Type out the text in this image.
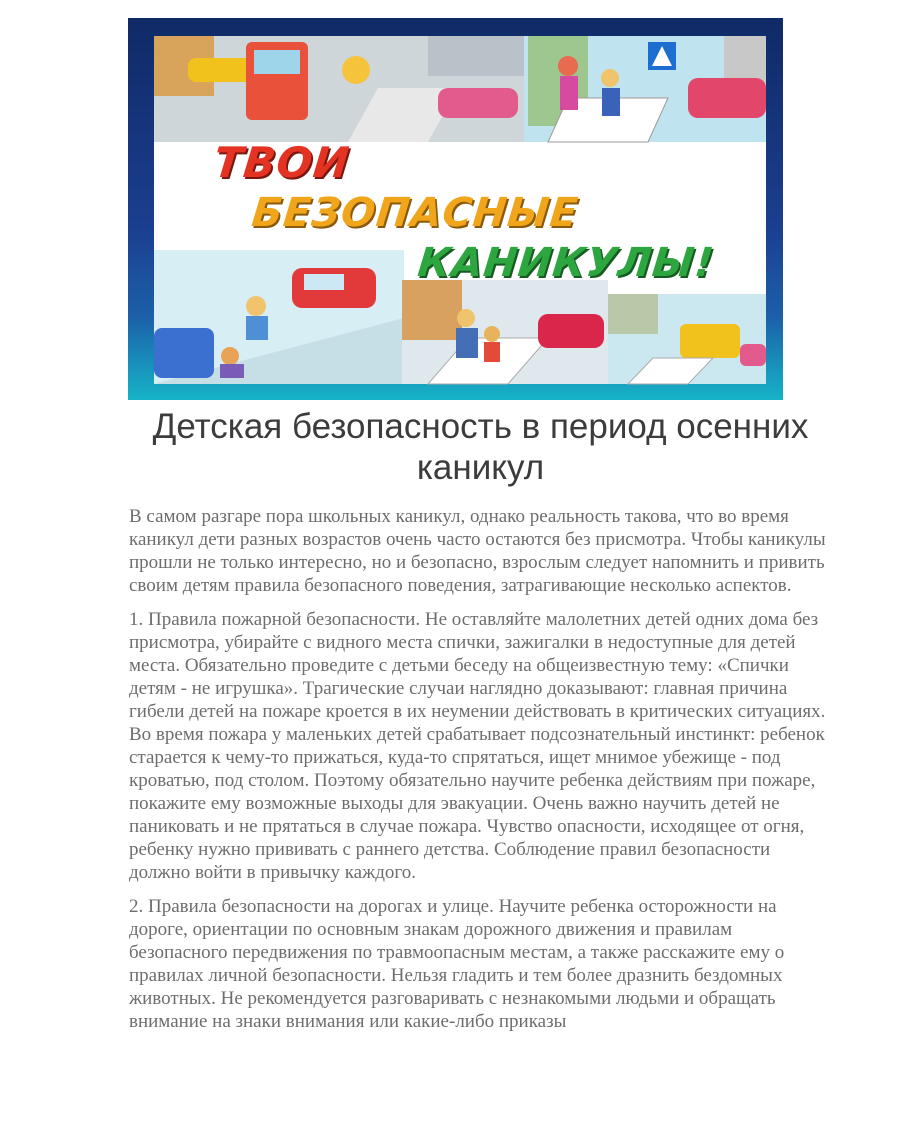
ТВОИ
БЕЗОПАСНЫЕ
КАНИКУЛЫ!
Детская безопасность в период осенних каникул

В самом разгаре пора школьных каникул, однако реальность такова, что во время каникул дети разных возрастов очень часто остаются без присмотра. Чтобы каникулы прошли не только интересно, но и безопасно, взрослым следует напомнить и привить своим детям правила безопасного поведения, затрагивающие несколько аспектов.

1. Правила пожарной безопасности. Не оставляйте малолетних детей одних дома без присмотра, убирайте с видного места спички, зажигалки в недоступные для детей места. Обязательно проведите с детьми беседу на общеизвестную тему: «Спички детям - не игрушка». Трагические случаи наглядно доказывают: главная причина гибели детей на пожаре кроется в их неумении действовать в критических ситуациях. Во время пожара у маленьких детей срабатывает подсознательный инстинкт: ребенок старается к чему-то прижаться, куда-то спрятаться, ищет мнимое убежище - под кроватью, под столом. Поэтому обязательно научите ребенка действиям при пожаре, покажите ему возможные выходы для эвакуации. Очень важно научить детей не паниковать и не прятаться в случае пожара. Чувство опасности, исходящее от огня, ребенку нужно прививать с раннего детства. Соблюдение правил безопасности должно войти в привычку каждого.

2. Правила безопасности на дорогах и улице. Научите ребенка осторожности на дороге, ориентации по основным знакам дорожного движения и правилам безопасного передвижения по травмоопасным местам, а также расскажите ему о правилах личной безопасности. Нельзя гладить и тем более дразнить бездомных животных. Не рекомендуется разговаривать с незнакомыми людьми и обращать внимание на знаки внимания или какие-либо приказы
